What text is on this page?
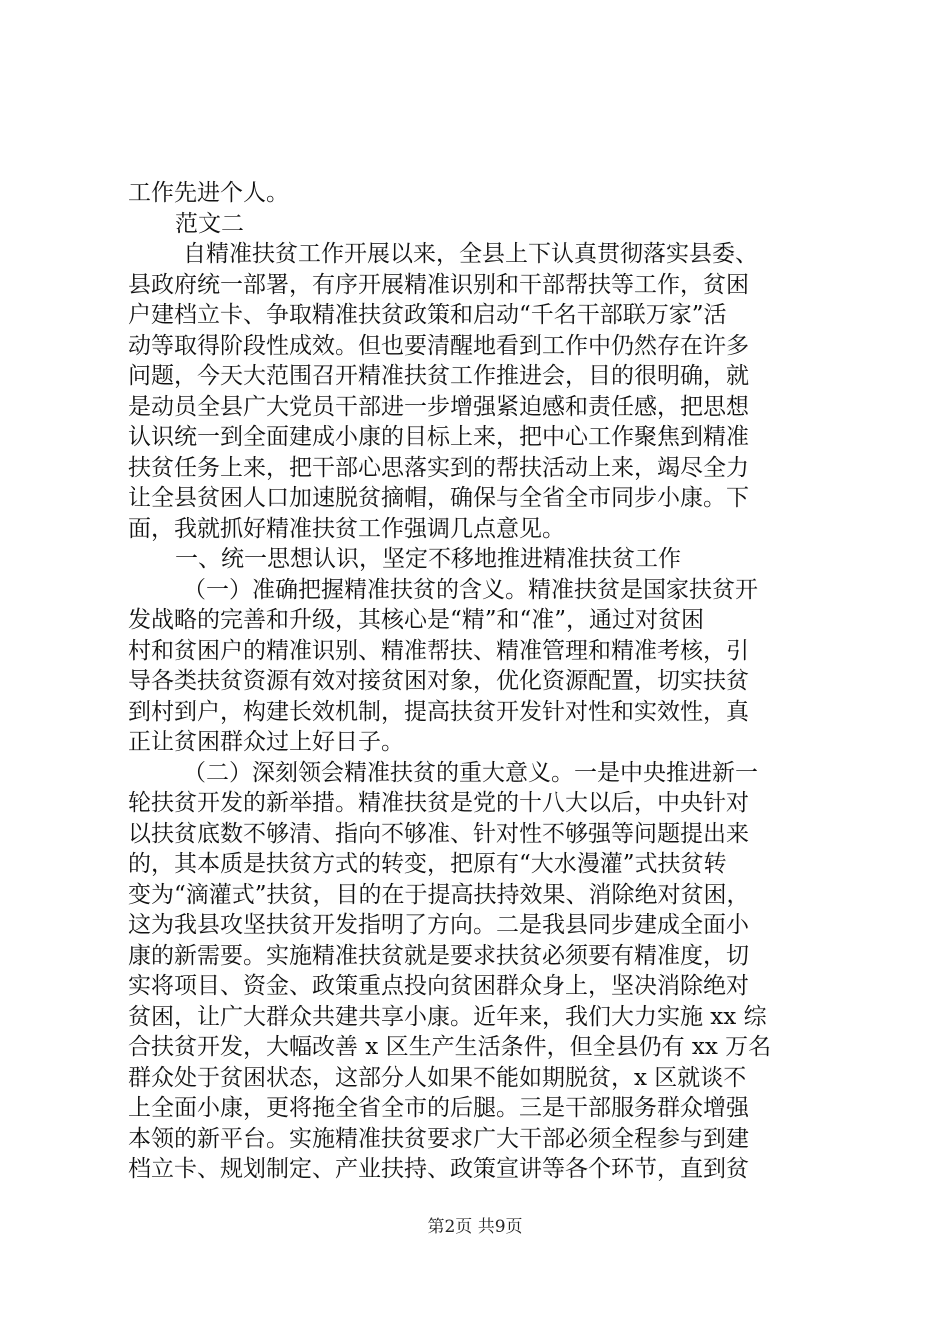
工作先进个人。
范文二
自精准扶贫工作开展以来，全县上下认真贯彻落实县委、
县政府统一部署，有序开展精准识别和干部帮扶等工作，贫困
户建档立卡、争取精准扶贫政策和启动“千名干部联万家”活
动等取得阶段性成效。但也要清醒地看到工作中仍然存在许多
问题，今天大范围召开精准扶贫工作推进会，目的很明确，就
是动员全县广大党员干部进一步增强紧迫感和责任感，把思想
认识统一到全面建成小康的目标上来，把中心工作聚焦到精准
扶贫任务上来，把干部心思落实到的帮扶活动上来，竭尽全力
让全县贫困人口加速脱贫摘帽，确保与全省全市同步小康。下
面，我就抓好精准扶贫工作强调几点意见。
一、统一思想认识，坚定不移地推进精准扶贫工作
（一）准确把握精准扶贫的含义。精准扶贫是国家扶贫开
发战略的完善和升级，其核心是“精”和“准”，通过对贫困
村和贫困户的精准识别、精准帮扶、精准管理和精准考核，引
导各类扶贫资源有效对接贫困对象，优化资源配置，切实扶贫
到村到户，构建长效机制，提高扶贫开发针对性和实效性，真
正让贫困群众过上好日子。
（二）深刻领会精准扶贫的重大意义。一是中央推进新一
轮扶贫开发的新举措。精准扶贫是党的十八大以后，中央针对
以扶贫底数不够清、指向不够准、针对性不够强等问题提出来
的，其本质是扶贫方式的转变，把原有“大水漫灌”式扶贫转
变为“滴灌式”扶贫，目的在于提高扶持效果、消除绝对贫困，
这为我县攻坚扶贫开发指明了方向。二是我县同步建成全面小
康的新需要。实施精准扶贫就是要求扶贫必须要有精准度，切
实将项目、资金、政策重点投向贫困群众身上，坚决消除绝对
贫困，让广大群众共建共享小康。近年来，我们大力实施 xx 综
合扶贫开发，大幅改善 x 区生产生活条件，但全县仍有 xx 万名
群众处于贫困状态，这部分人如果不能如期脱贫，x 区就谈不
上全面小康，更将拖全省全市的后腿。三是干部服务群众增强
本领的新平台。实施精准扶贫要求广大干部必须全程参与到建
档立卡、规划制定、产业扶持、政策宣讲等各个环节，直到贫
第2页 共9页
